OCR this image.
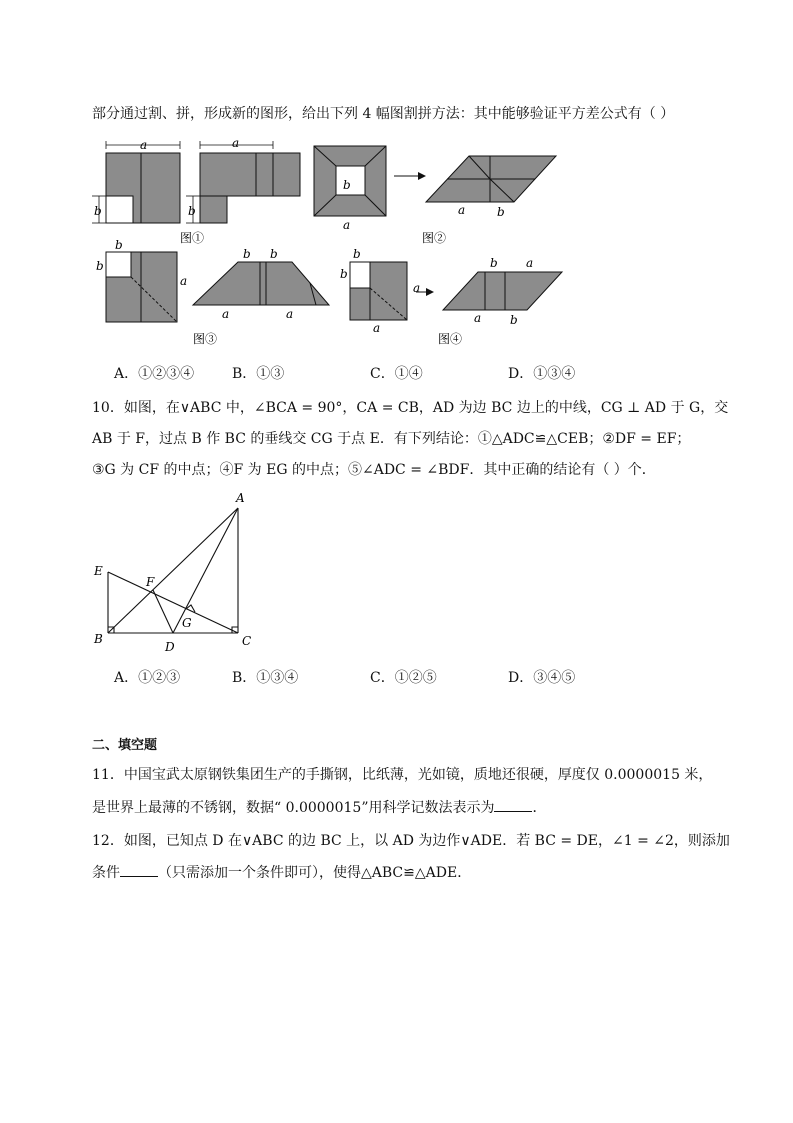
部分通过割、拼，形成新的图形，给出下列 4 幅图割拼方法：其中能够验证平方差公式有（ ）
a
b
a
b
图①
b
a
a	b
图②
b
b
a
b b
a	a
图③
b
b
a
a
b a
a b
图④
A．①②③④	B．①③	C．①④	D．①③④
10．如图，在∨ABC 中，∠BCA = 90°，CA = CB，AD 为边 BC 边上的中线，CG ⊥ AD 于 G，交
AB 于 F，过点 B 作 BC 的垂线交 CG 于点 E．有下列结论：①△ADC≌△CEB；②DF = EF；
③G 为 CF 的中点；④F 为 EG 的中点；⑤∠ADC = ∠BDF．其中正确的结论有（ ）个．
A
B	C
D
E
F
G
A．①②③	B．①③④	C．①②⑤	D．③④⑤
二、填空题
11．中国宝武太原钢铁集团生产的手撕钢，比纸薄，光如镜，质地还很硬，厚度仅 0.0000015 米，
是世界上最薄的不锈钢，数据“ 0.0000015”用科学记数法表示为	．
12．如图，已知点 D 在∨ABC 的边 BC 上，以 AD 为边作∨ADE．若 BC = DE，∠1 = ∠2，则添加
条件	（只需添加一个条件即可），使得△ABC≌△ADE．
